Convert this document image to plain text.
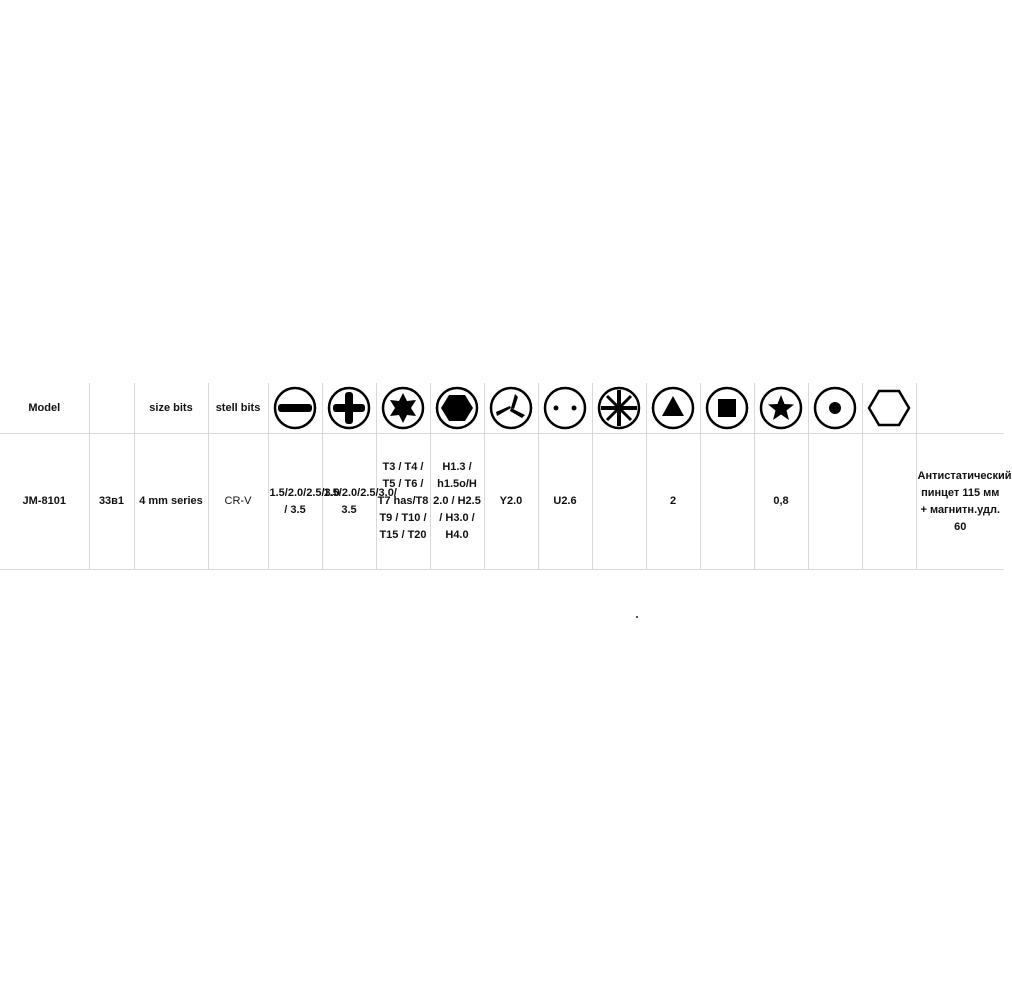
Model		size bits	stell bits	

JM-8101	33в1	4 mm series	CR-V	1.5/2.0/2.5/3.0 / 3.5	1.5/2.0/2.5/3.0/ 3.5	T3 / T4 / T5 / T6 / T7 has/T8 T9 / T10 / T15 / T20	H1.3 / h1.5o/H 2.0 / H2.5 / H3.0 / H4.0	Y2.0	U2.6		2		0,8			Антистатический пинцет 115 мм + магнитн.удл. 60
